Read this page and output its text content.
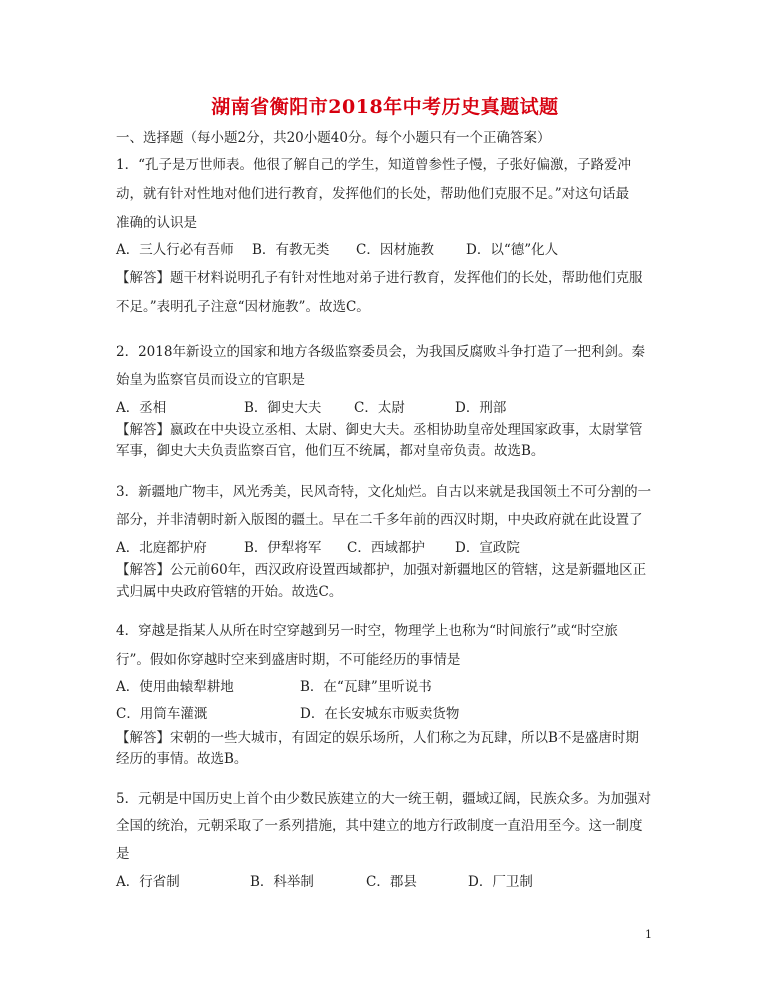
湖南省衡阳市2018年中考历史真题试题
一、选择题（每小题2分，共20小题40分。每个小题只有一个正确答案）
1．“孔子是万世师表。他很了解自己的学生，知道曾参性子慢，子张好偏激，子路爱冲
动，就有针对性地对他们进行教育，发挥他们的长处，帮助他们克服不足。”对这句话最
准确的认识是
A．三人行必有吾师 B．有教无类 C．因材施教 D．以“德”化人
【解答】题干材料说明孔子有针对性地对弟子进行教育，发挥他们的长处，帮助他们克服
不足。”表明孔子注意“因材施教”。故选C。
2．2018年新设立的国家和地方各级监察委员会，为我国反腐败斗争打造了一把利剑。秦
始皇为监察官员而设立的官职是
A．丞相	B．御史大夫 C．太尉	D．刑部
【解答】嬴政在中央设立丞相、太尉、御史大夫。丞相协助皇帝处理国家政事，太尉掌管
军事，御史大夫负责监察百官，他们互不统属，都对皇帝负责。故选B。
3．新疆地广物丰，风光秀美，民风奇特，文化灿烂。自古以来就是我国领土不可分割的一
部分，并非清朝时新入版图的疆土。早在二千多年前的西汉时期，中央政府就在此设置了
A．北庭都护府	B．伊犁将军 C．西域都护 D．宣政院
【解答】公元前60年，西汉政府设置西域都护，加强对新疆地区的管辖，这是新疆地区正
式归属中央政府管辖的开始。故选C。
4．穿越是指某人从所在时空穿越到另一时空，物理学上也称为“时间旅行”或“时空旅
行”。假如你穿越时空来到盛唐时期，不可能经历的事情是
A．使用曲辕犁耕地	B．在“瓦肆”里听说书
C．用筒车灌溉	D．在长安城东市贩卖货物
【解答】宋朝的一些大城市，有固定的娱乐场所，人们称之为瓦肆，所以B不是盛唐时期
经历的事情。故选B。
5．元朝是中国历史上首个由少数民族建立的大一统王朝，疆域辽阔，民族众多。为加强对
全国的统治，元朝采取了一系列措施，其中建立的地方行政制度一直沿用至今。这一制度
是
A．行省制	B．科举制	C．郡县	D．厂卫制
1
